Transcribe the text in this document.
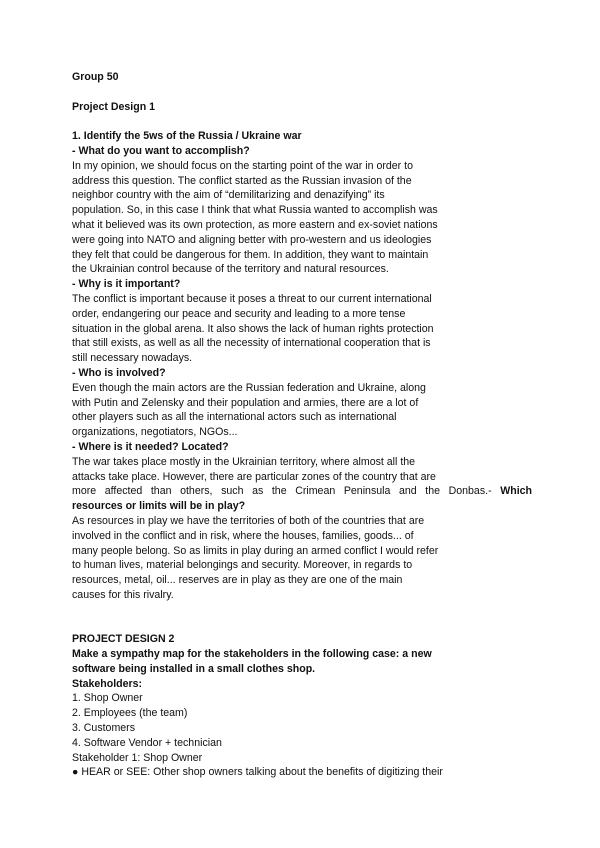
Group 50

Project Design 1

1. Identify the 5ws of the Russia / Ukraine war

- What do you want to accomplish?

In my opinion, we should focus on the starting point of the war in order to
address this question. The conflict started as the Russian invasion of the
neighbor country with the aim of “demilitarizing and denazifying” its
population. So, in this case I think that what Russia wanted to accomplish was
what it believed was its own protection, as more eastern and ex-soviet nations
were going into NATO and aligning better with pro-western and us ideologies
they felt that could be dangerous for them. In addition, they want to maintain
the Ukrainian control because of the territory and natural resources.

- Why is it important?

The conflict is important because it poses a threat to our current international
order, endangering our peace and security and leading to a more tense
situation in the global arena. It also shows the lack of human rights protection
that still exists, as well as all the necessity of international cooperation that is
still necessary nowadays.

- Who is involved?

Even though the main actors are the Russian federation and Ukraine, along
with Putin and Zelensky and their population and armies, there are a lot of
other players such as all the international actors such as international
organizations, negotiators, NGOs...

- Where is it needed? Located?

The war takes place mostly in the Ukrainian territory, where almost all the
attacks take place. However, there are particular zones of the country that are
more affected than others, such as the Crimean Peninsula and the Donbas.- Which

resources or limits will be in play?

As resources in play we have the territories of both of the countries that are
involved in the conflict and in risk, where the houses, families, goods... of
many people belong. So as limits in play during an armed conflict I would refer
to human lives, material belongings and security. Moreover, in regards to
resources, metal, oil... reserves are in play as they are one of the main
causes for this rivalry.

PROJECT DESIGN 2

Make a sympathy map for the stakeholders in the following case: a new
software being installed in a small clothes shop.

Stakeholders:

1. Shop Owner
2. Employees (the team)
3. Customers
4. Software Vendor + technician

Stakeholder 1: Shop Owner

● HEAR or SEE: Other shop owners talking about the benefits of digitizing their
